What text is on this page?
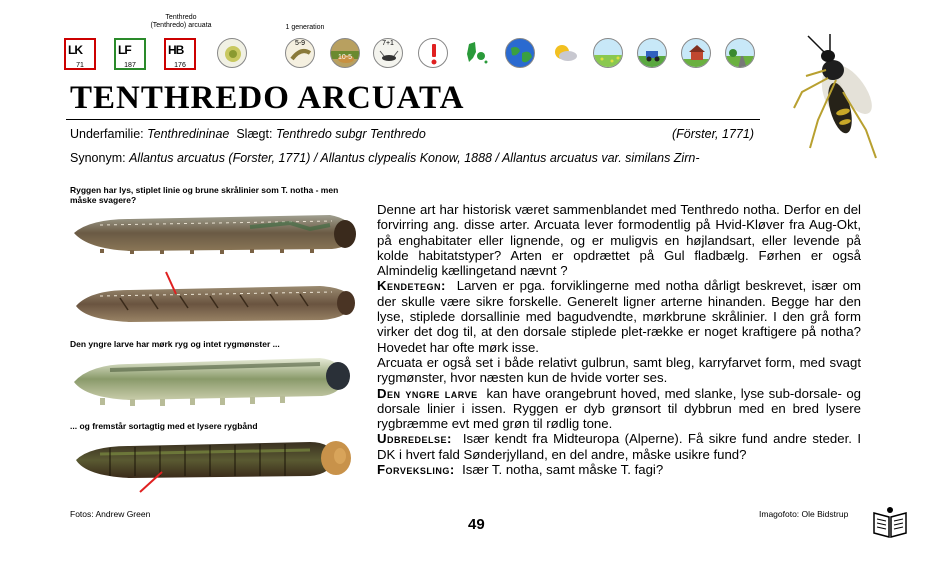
Tenthredo
(Tenthredo) arcuata	1 generation
LK
71
LF
187
HB
176
5-9
10-5
7+1
TENTHREDO ARCUATA
Underfamilie: Tenthredininae Slægt: Tenthredo subgr Tenthredo	(Förster, 1771)
Synonym: Allantus arcuatus (Forster, 1771) / Allantus clypealis Konow, 1888 / Allantus arcuatus var. similans Zirn-
Ryggen har lys, stiplet linie og brune skrålinier som T. notha - men måske svagere?
Den yngre larve har mørk ryg og intet rygmønster ...
... og fremstår sortagtig med et lysere rygbånd

Denne art har historisk været sammenblandet med Tenthredo notha. Derfor en del forvirring ang. disse arter. Arcuata lever formodentlig på Hvid-Kløver fra Aug-Okt, på enghabitater eller lignende, og er muligvis en højlandsart, eller levende på kolde habitatstyper? Arten er opdrættet på Gul fladbælg. Førhen er også Almindelig kællingetand nævnt ?

Kendetegn: Larven er pga. forviklingerne med notha dårligt beskrevet, især om der skulle være sikre forskelle. Generelt ligner arterne hinanden. Begge har den lyse, stiplede dorsallinie med bagudvendte, mørkbrune skrålinier. I den grå form virker det dog til, at den dorsale stiplede plet-række er noget kraftigere på notha? Hovedet har ofte mørk isse.

Arcuata er også set i både relativt gulbrun, samt bleg, karryfarvet form, med svagt rygmønster, hvor næsten kun de hvide vorter ses.

Den yngre larve kan have orangebrunt hoved, med slanke, lyse sub-dorsale- og dorsale linier i issen. Ryggen er dyb grønsort til dybbrun med en bred lysere rygbræmme evt med grøn til rødlig tone.

Udbredelse: Især kendt fra Midteuropa (Alperne). Få sikre fund andre steder. I DK i hvert fald Sønderjylland, en del andre, måske usikre fund?

Forveksling: Især T. notha, samt måske T. fagi?

Fotos: Andrew Green
49
Imagofoto: Ole Bidstrup
